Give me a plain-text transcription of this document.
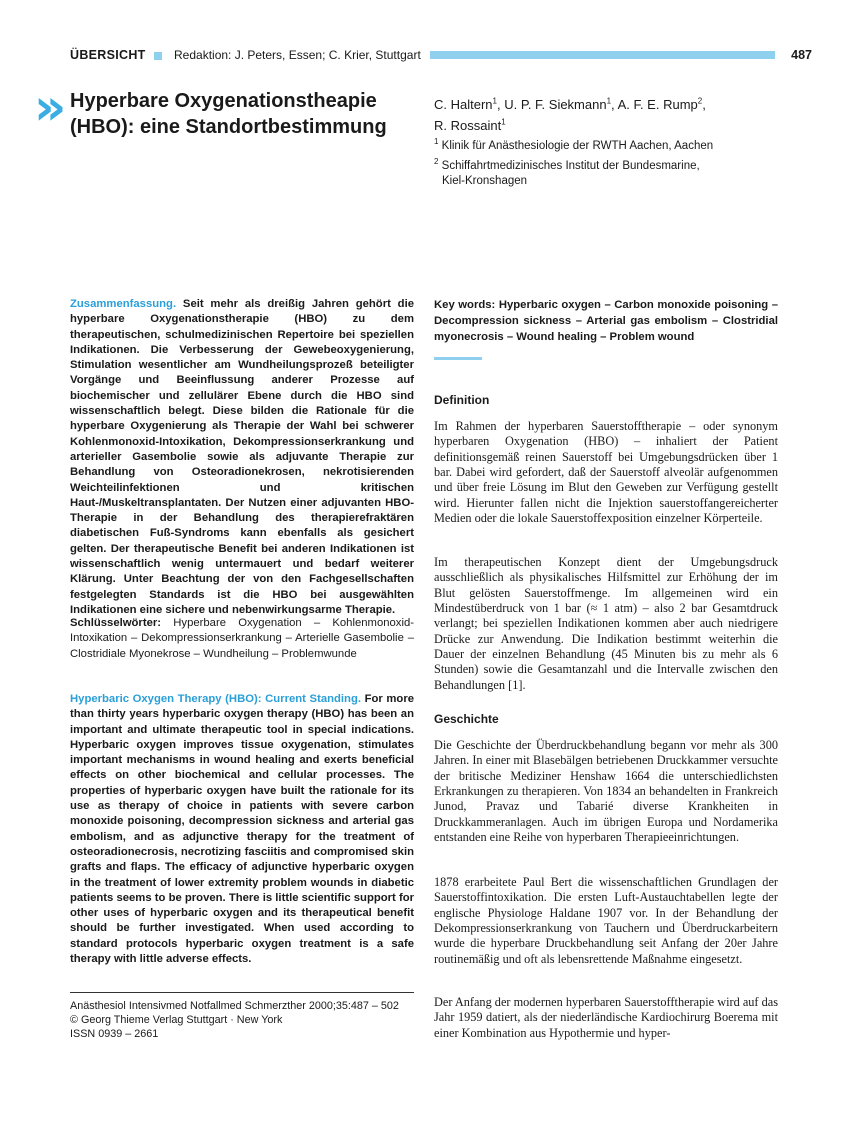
ÜBERSICHT Redaktion: J. Peters, Essen; C. Krier, Stuttgart	487
» Hyperbare Oxygenationstheapie (HBO): eine Standortbestimmung
C. Haltern$^1$, U. P. F. Siekmann$^1$, A. F. E. Rump$^2$,
R. Rossaint$^1$

$^1$ Klinik für Anästhesiologie der RWTH Aachen, Aachen

$^2$ Schiffahrtmedizinisches Institut der Bundesmarine,

Kiel-Kronshagen

Zusammenfassung. Seit mehr als dreißig Jahren gehört die hyperbare Oxygenationstherapie (HBO) zu dem therapeutischen, schulmedizinischen Repertoire bei speziellen Indikationen. Die Verbesserung der Gewebeoxygenierung, Stimulation wesentlicher am Wundheilungsprozeß beteiligter Vorgänge und Beeinflussung anderer Prozesse auf biochemischer und zellulärer Ebene durch die HBO sind wissenschaftlich belegt. Diese bilden die Rationale für die hyperbare Oxygenierung als Therapie der Wahl bei schwerer Kohlenmonoxid-Intoxikation, Dekompressionserkrankung und arterieller Gasembolie sowie als adjuvante Therapie zur Behandlung von Osteoradionekrosen, nekrotisierenden Weichteilinfektionen und kritischen Haut-/Muskeltransplantaten. Der Nutzen einer adjuvanten HBO-Therapie in der Behandlung des therapierefraktären diabetischen Fuß-Syndroms kann ebenfalls als gesichert gelten. Der therapeutische Benefit bei anderen Indikationen ist wissenschaftlich wenig untermauert und bedarf weiterer Klärung. Unter Beachtung der von den Fachgesellschaften festgelegten Standards ist die HBO bei ausgewählten Indikationen eine sichere und nebenwirkungsarme Therapie.
Schlüsselwörter: Hyperbare Oxygenation – Kohlenmonoxid-Intoxikation – Dekompressionserkrankung – Arterielle Gasembolie – Clostridiale Myonekrose – Wundheilung – Problemwunde
Hyperbaric Oxygen Therapy (HBO): Current Standing. For more than thirty years hyperbaric oxygen therapy (HBO) has been an important and ultimate therapeutic tool in special indications. Hyperbaric oxygen improves tissue oxygenation, stimulates important mechanisms in wound healing and exerts beneficial effects on other biochemical and cellular processes. The properties of hyperbaric oxygen have built the rationale for its use as therapy of choice in patients with severe carbon monoxide poisoning, decompression sickness and arterial gas embolism, and as adjunctive therapy for the treatment of osteoradionecrosis, necrotizing fasciitis and compromised skin grafts and flaps. The efficacy of adjunctive hyperbaric oxygen in the treatment of lower extremity problem wounds in diabetic patients seems to be proven. There is little scientific support for other uses of hyperbaric oxygen and its therapeutical benefit should be further investigated. When used according to standard protocols hyperbaric oxygen treatment is a safe therapy with little adverse effects.
Anästhesiol Intensivmed Notfallmed Schmerzther 2000;35:487 – 502
© Georg Thieme Verlag Stuttgart · New York
ISSN 0939 – 2661
Key words: Hyperbaric oxygen – Carbon monoxide poisoning – Decompression sickness – Arterial gas embolism – Clostridial myonecrosis – Wound healing – Problem wound
Definition
Im Rahmen der hyperbaren Sauerstofftherapie – oder synonym hyperbaren Oxygenation (HBO) – inhaliert der Patient definitionsgemäß reinen Sauerstoff bei Umgebungsdrücken über 1 bar. Dabei wird gefordert, daß der Sauerstoff alveolär aufgenommen und über freie Lösung im Blut den Geweben zur Verfügung gestellt wird. Hierunter fallen nicht die Injektion sauerstoffangereicherter Medien oder die lokale Sauerstoffexposition einzelner Körperteile.
Im therapeutischen Konzept dient der Umgebungsdruck ausschließlich als physikalisches Hilfsmittel zur Erhöhung der im Blut gelösten Sauerstoffmenge. Im allgemeinen wird ein Mindestüberdruck von 1 bar (≈ 1 atm) – also 2 bar Gesamtdruck verlangt; bei speziellen Indikationen kommen aber auch niedrigere Drücke zur Anwendung. Die Indikation bestimmt weiterhin die Dauer der einzelnen Behandlung (45 Minuten bis zu mehr als 6 Stunden) sowie die Gesamtanzahl und die Intervalle zwischen den Behandlungen [1].
Geschichte
Die Geschichte der Überdruckbehandlung begann vor mehr als 300 Jahren. In einer mit Blasebälgen betriebenen Druckkammer versuchte der britische Mediziner Henshaw 1664 die unterschiedlichsten Erkrankungen zu therapieren. Von 1834 an behandelten in Frankreich Junod, Pravaz und Tabarié diverse Krankheiten in Druckkammeranlagen. Auch im übrigen Europa und Nordamerika entstanden eine Reihe von hyperbaren Therapieeinrichtungen.
1878 erarbeitete Paul Bert die wissenschaftlichen Grundlagen der Sauerstoffintoxikation. Die ersten Luft-Austauchtabellen legte der englische Physiologe Haldane 1907 vor. In der Behandlung der Dekompressionserkrankung von Tauchern und Überdruckarbeitern wurde die hyperbare Druckbehandlung seit Anfang der 20er Jahre routinemäßig und oft als lebensrettende Maßnahme eingesetzt.
Der Anfang der modernen hyperbaren Sauerstofftherapie wird auf das Jahr 1959 datiert, als der niederländische Kardiochirurg Boerema mit einer Kombination aus Hypothermie und hyper-
